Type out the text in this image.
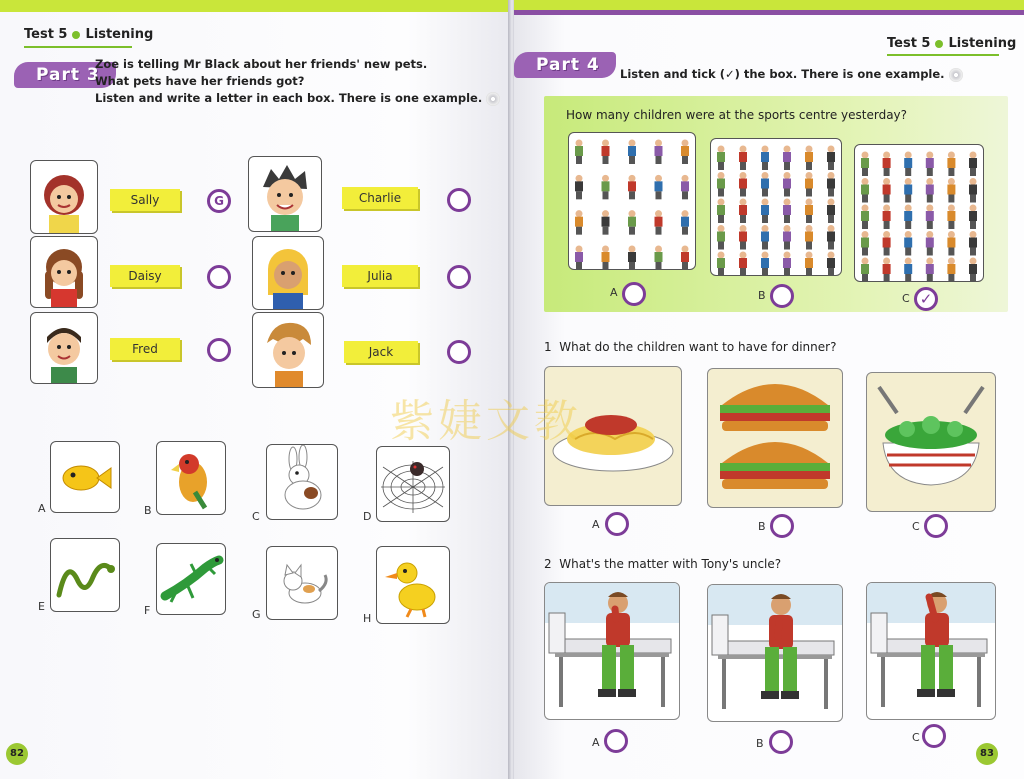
Test 5 Listening
Part 3
Zoe is telling Mr Black about her friends' new pets.
What pets have her friends got?
Listen and write a letter in each box. There is one example.
Sally	G	Charlie
Daisy	Julia
Fred	Jack
A	B	C	D
E	F	G	H
82
Test 5 Listening
Part 4	Listen and tick (✓) the box. There is one example.
How many children were at the sports centre yesterday?
A	B	C ✓
1 What do the children want to have for dinner?
A	B	C
2 What's the matter with Tony's uncle?
A	B	C
83
紫婕文教
